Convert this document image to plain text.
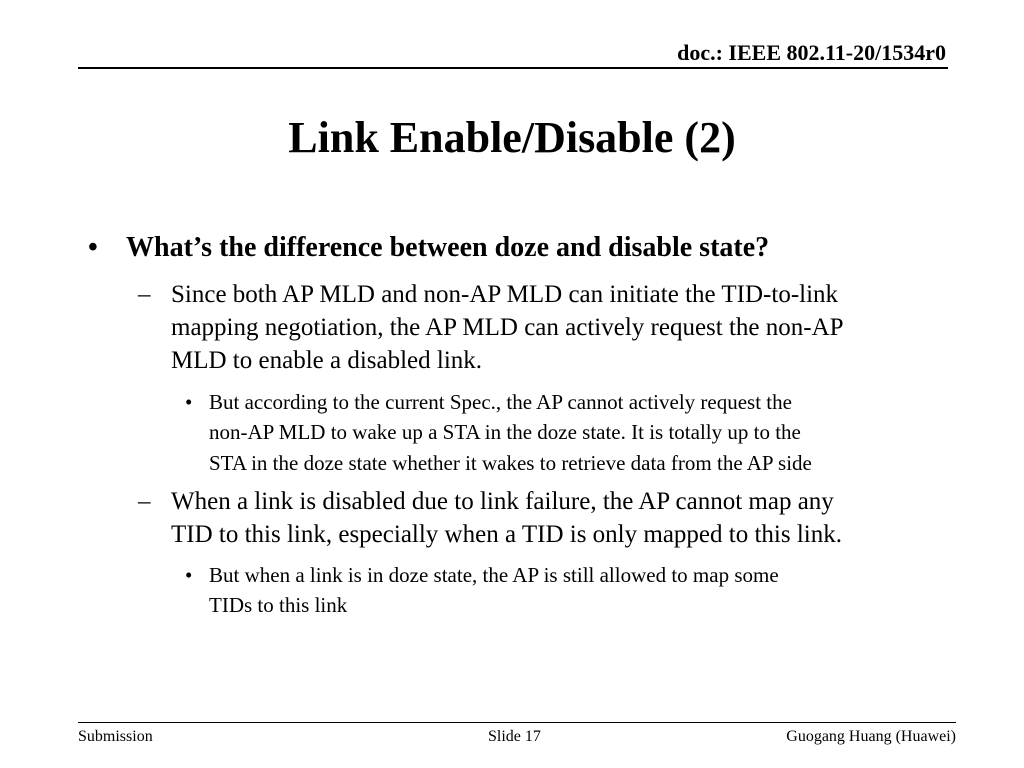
doc.: IEEE 802.11-20/1534r0
Link Enable/Disable (2)
• What’s the difference between doze and disable state?
– Since both AP MLD and non-AP MLD can initiate the TID-to-link
mapping negotiation, the AP MLD can actively request the non-AP
MLD to enable a disabled link.
• But according to the current Spec., the AP cannot actively request the
non-AP MLD to wake up a STA in the doze state. It is totally up to the
STA in the doze state whether it wakes to retrieve data from the AP side
– When a link is disabled due to link failure, the AP cannot map any
TID to this link, especially when a TID is only mapped to this link.
• But when a link is in doze state, the AP is still allowed to map some
TIDs to this link
Submission	Slide 17	Guogang Huang (Huawei)
